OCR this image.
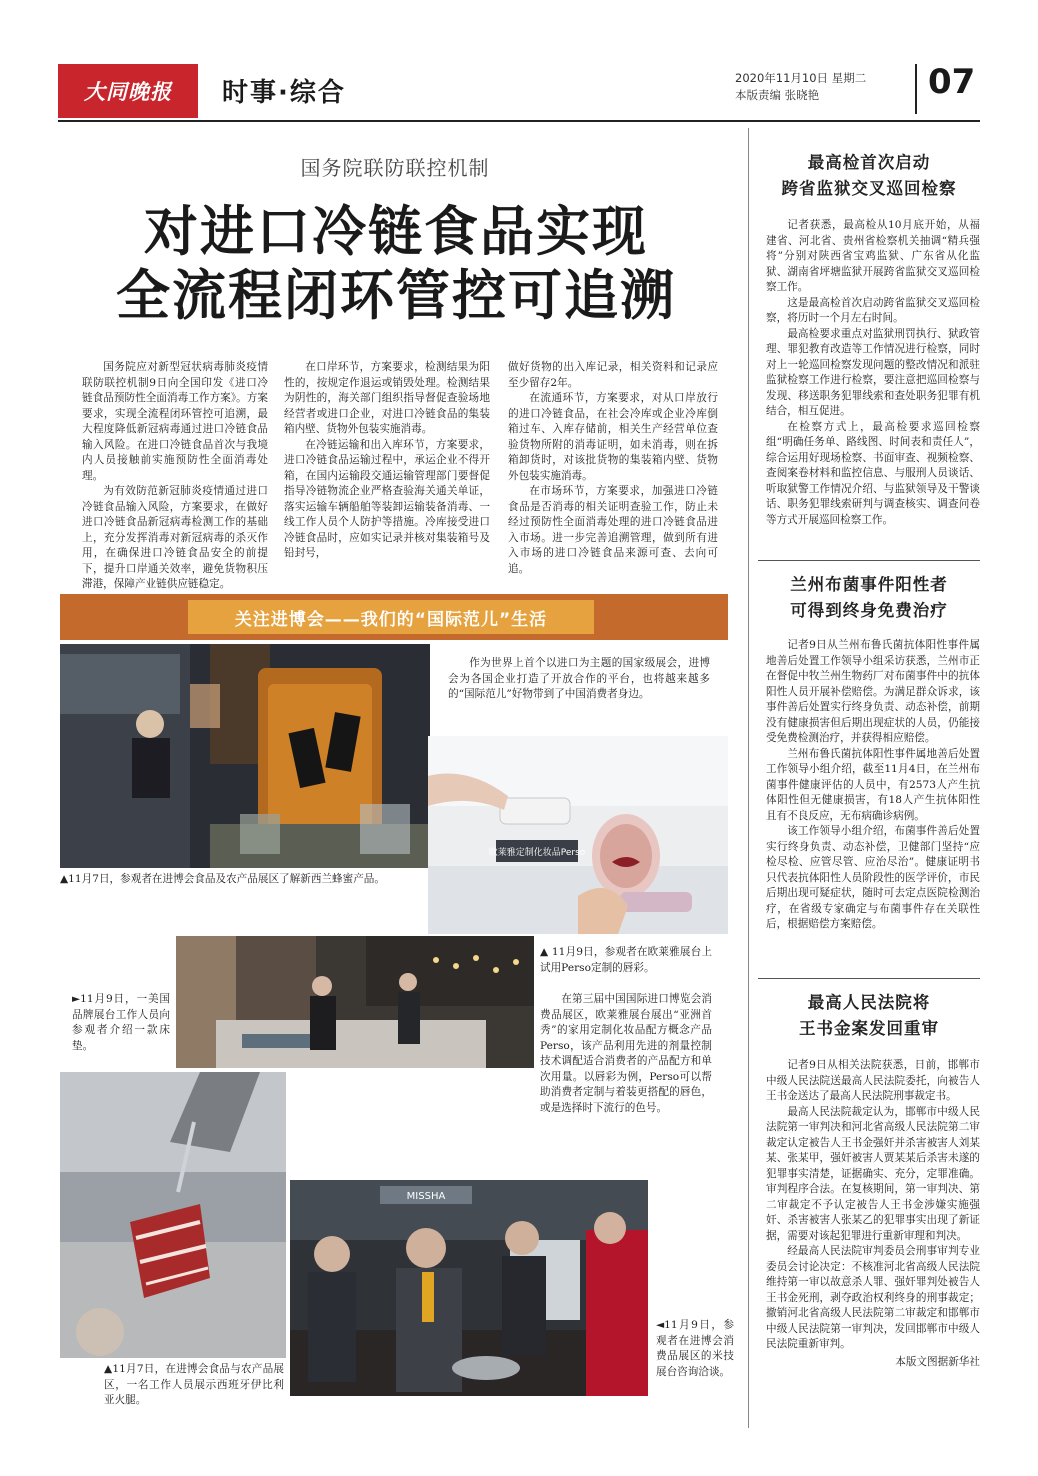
大同晚报 时事·综合	2020年11月10日 星期二
本版责编 张晓艳	07
国务院联防联控机制
对进口冷链食品实现
全流程闭环管控可追溯

国务院应对新型冠状病毒肺炎疫情联防联控机制9日向全国印发《进口冷链食品预防性全面消毒工作方案》。方案要求，实现全流程闭环管控可追溯，最大程度降低新冠病毒通过进口冷链食品输入风险。在进口冷链食品首次与我境内人员接触前实施预防性全面消毒处理。

为有效防范新冠肺炎疫情通过进口冷链食品输入风险，方案要求，在做好进口冷链食品新冠病毒检测工作的基础上，充分发挥消毒对新冠病毒的杀灭作用，在确保进口冷链食品安全的前提下，提升口岸通关效率，避免货物积压滞港，保障产业链供应链稳定。

在口岸环节，方案要求，检测结果为阳性的，按规定作退运或销毁处理。检测结果为阴性的，海关部门组织指导督促查验场地经营者或进口企业，对进口冷链食品的集装箱内壁、货物外包装实施消毒。

在冷链运输和出入库环节，方案要求，进口冷链食品运输过程中，承运企业不得开箱，在国内运输段交通运输管理部门要督促指导冷链物流企业严格查验海关通关单证，落实运输车辆船舶等装卸运输装备消毒、一线工作人员个人防护等措施。冷库接受进口冷链食品时，应如实记录并核对集装箱号及铅封号，

做好货物的出入库记录，相关资料和记录应至少留存2年。

在流通环节，方案要求，对从口岸放行的进口冷链食品，在社会冷库或企业冷库倒箱过车、入库存储前，相关生产经营单位查验货物所附的消毒证明，如未消毒，则在拆箱卸货时，对该批货物的集装箱内壁、货物外包装实施消毒。

在市场环节，方案要求，加强进口冷链食品是否消毒的相关证明查验工作，防止未经过预防性全面消毒处理的进口冷链食品进入市场。进一步完善追溯管理，做到所有进入市场的进口冷链食品来源可查、去向可追。

关注进博会——我们的“国际范儿”生活
作为世界上首个以进口为主题的国家级展会，进博会为各国企业打造了开放合作的平台，也将越来越多的“国际范儿”好物带到了中国消费者身边。
▲11月7日，参观者在进博会食品及农产品展区了解新西兰蜂蜜产品。
欧莱雅定制化妆品Perso
►11月9日，一美国品牌展台工作人员向参观者介绍一款床垫。
▲ 11月9日，参观者在欧莱雅展台上试用Perso定制的唇彩。
在第三届中国国际进口博览会消费品展区，欧莱雅展台展出“亚洲首秀”的家用定制化妆品配方概念产品Perso，该产品利用先进的剂量控制技术调配适合消费者的产品配方和单次用量。以唇彩为例，Perso可以帮助消费者定制与着装更搭配的唇色，或是选择时下流行的色号。
MISSHA
▲11月7日，在进博会食品与农产品展区，一名工作人员展示西班牙伊比利亚火腿。
◄11月9日，参观者在进博会消费品展区的米技展台咨询洽谈。
最高检首次启动
跨省监狱交叉巡回检察

记者获悉，最高检从10月底开始，从福建省、河北省、贵州省检察机关抽调“精兵强将”分别对陕西省宝鸡监狱、广东省从化监狱、湖南省坪塘监狱开展跨省监狱交叉巡回检察工作。

这是最高检首次启动跨省监狱交叉巡回检察，将历时一个月左右时间。

最高检要求重点对监狱刑罚执行、狱政管理、罪犯教育改造等工作情况进行检察，同时对上一轮巡回检察发现问题的整改情况和派驻监狱检察工作进行检察，要注意把巡回检察与发现、移送职务犯罪线索和查处职务犯罪有机结合，相互促进。

在检察方式上，最高检要求巡回检察组“明确任务单、路线图、时间表和责任人”，综合运用好现场检察、书面审查、视频检察、查阅案卷材料和监控信息、与服刑人员谈话、听取狱警工作情况介绍、与监狱领导及干警谈话、职务犯罪线索研判与调查核实、调查问卷等方式开展巡回检察工作。

兰州布菌事件阳性者
可得到终身免费治疗

记者9日从兰州布鲁氏菌抗体阳性事件属地善后处置工作领导小组采访获悉，兰州市正在督促中牧兰州生物药厂对布菌事件中的抗体阳性人员开展补偿赔偿。为满足群众诉求，该事件善后处置实行终身负责、动态补偿，前期没有健康损害但后期出现症状的人员，仍能接受免费检测治疗，并获得相应赔偿。

兰州布鲁氏菌抗体阳性事件属地善后处置工作领导小组介绍，截至11月4日，在兰州布菌事件健康评估的人员中，有2573人产生抗体阳性但无健康损害，有18人产生抗体阳性且有不良反应，无布病确诊病例。

该工作领导小组介绍，布菌事件善后处置实行终身负责、动态补偿，卫健部门坚持“应检尽检、应管尽管、应治尽治”。健康证明书只代表抗体阳性人员阶段性的医学评价，市民后期出现可疑症状，随时可去定点医院检测治疗，在省级专家确定与布菌事件存在关联性后，根据赔偿方案赔偿。

最高人民法院将
王书金案发回重审

记者9日从相关法院获悉，日前，邯郸市中级人民法院送最高人民法院委托，向被告人王书金送达了最高人民法院刑事裁定书。

最高人民法院裁定认为，邯郸市中级人民法院第一审判决和河北省高级人民法院第二审裁定认定被告人王书金强奸并杀害被害人刘某某、张某甲，强奸被害人贾某某后杀害未遂的犯罪事实清楚，证据确实、充分，定罪准确。审判程序合法。在复核期间，第一审判决、第二审裁定不予认定被告人王书金涉嫌实施强奸、杀害被害人张某乙的犯罪事实出现了新证据，需要对该起犯罪进行重新审理和判决。

经最高人民法院审判委员会刑事审判专业委员会讨论决定：不核准河北省高级人民法院维持第一审以故意杀人罪、强奸罪判处被告人王书金死刑，剥夺政治权利终身的刑事裁定；撤销河北省高级人民法院第二审裁定和邯郸市中级人民法院第一审判决，发回邯郸市中级人民法院重新审判。

本版文图据新华社
